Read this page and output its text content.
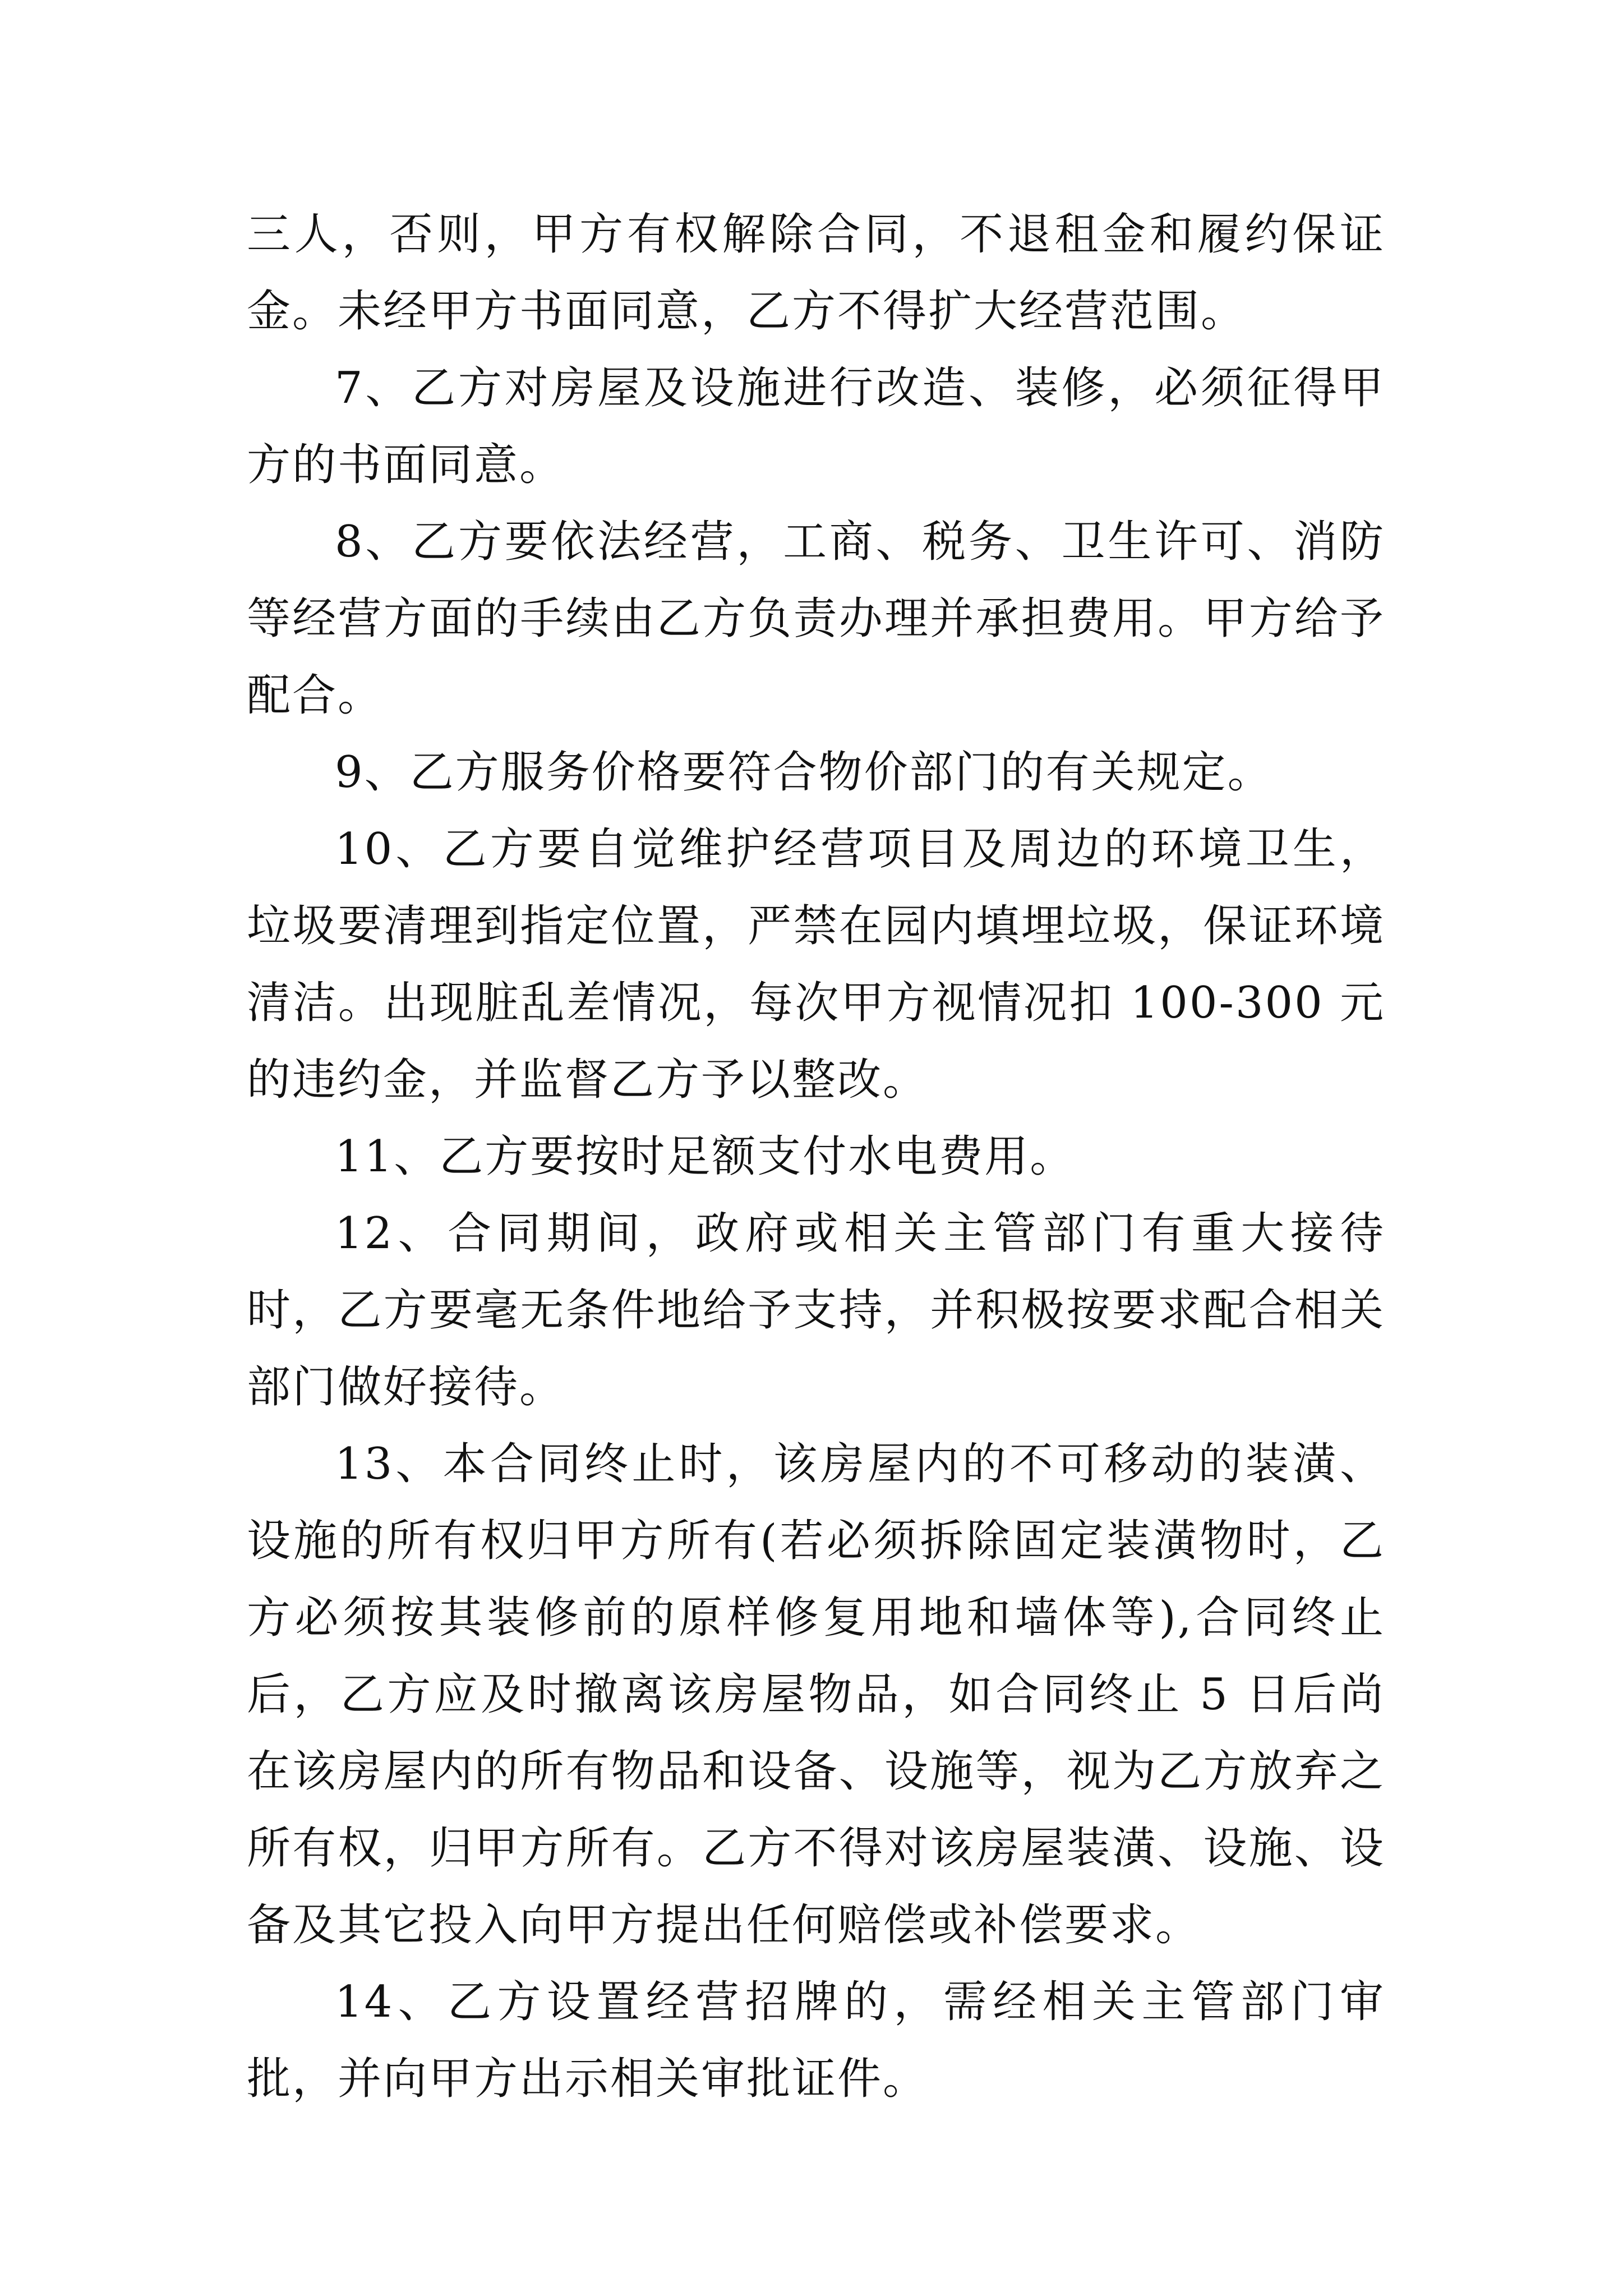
三人，否则，甲方有权解除合同，不退租金和履约保证金。未经甲方书面同意，乙方不得扩大经营范围。

7、乙方对房屋及设施进行改造、装修，必须征得甲方的书面同意。

8、乙方要依法经营，工商、税务、卫生许可、消防等经营方面的手续由乙方负责办理并承担费用。甲方给予配合。

9、乙方服务价格要符合物价部门的有关规定。

10、乙方要自觉维护经营项目及周边的环境卫生，垃圾要清理到指定位置，严禁在园内填埋垃圾，保证环境清洁。出现脏乱差情况，每次甲方视情况扣 100-300 元的违约金，并监督乙方予以整改。

11、乙方要按时足额支付水电费用。

12、合同期间，政府或相关主管部门有重大接待时，乙方要毫无条件地给予支持，并积极按要求配合相关部门做好接待。

13、本合同终止时，该房屋内的不可移动的装潢、设施的所有权归甲方所有(若必须拆除固定装潢物时，乙方必须按其装修前的原样修复用地和墙体等),合同终止后，乙方应及时撤离该房屋物品，如合同终止 5 日后尚在该房屋内的所有物品和设备、设施等，视为乙方放弃之所有权，归甲方所有。乙方不得对该房屋装潢、设施、设备及其它投入向甲方提出任何赔偿或补偿要求。

14、乙方设置经营招牌的，需经相关主管部门审批，并向甲方出示相关审批证件。
